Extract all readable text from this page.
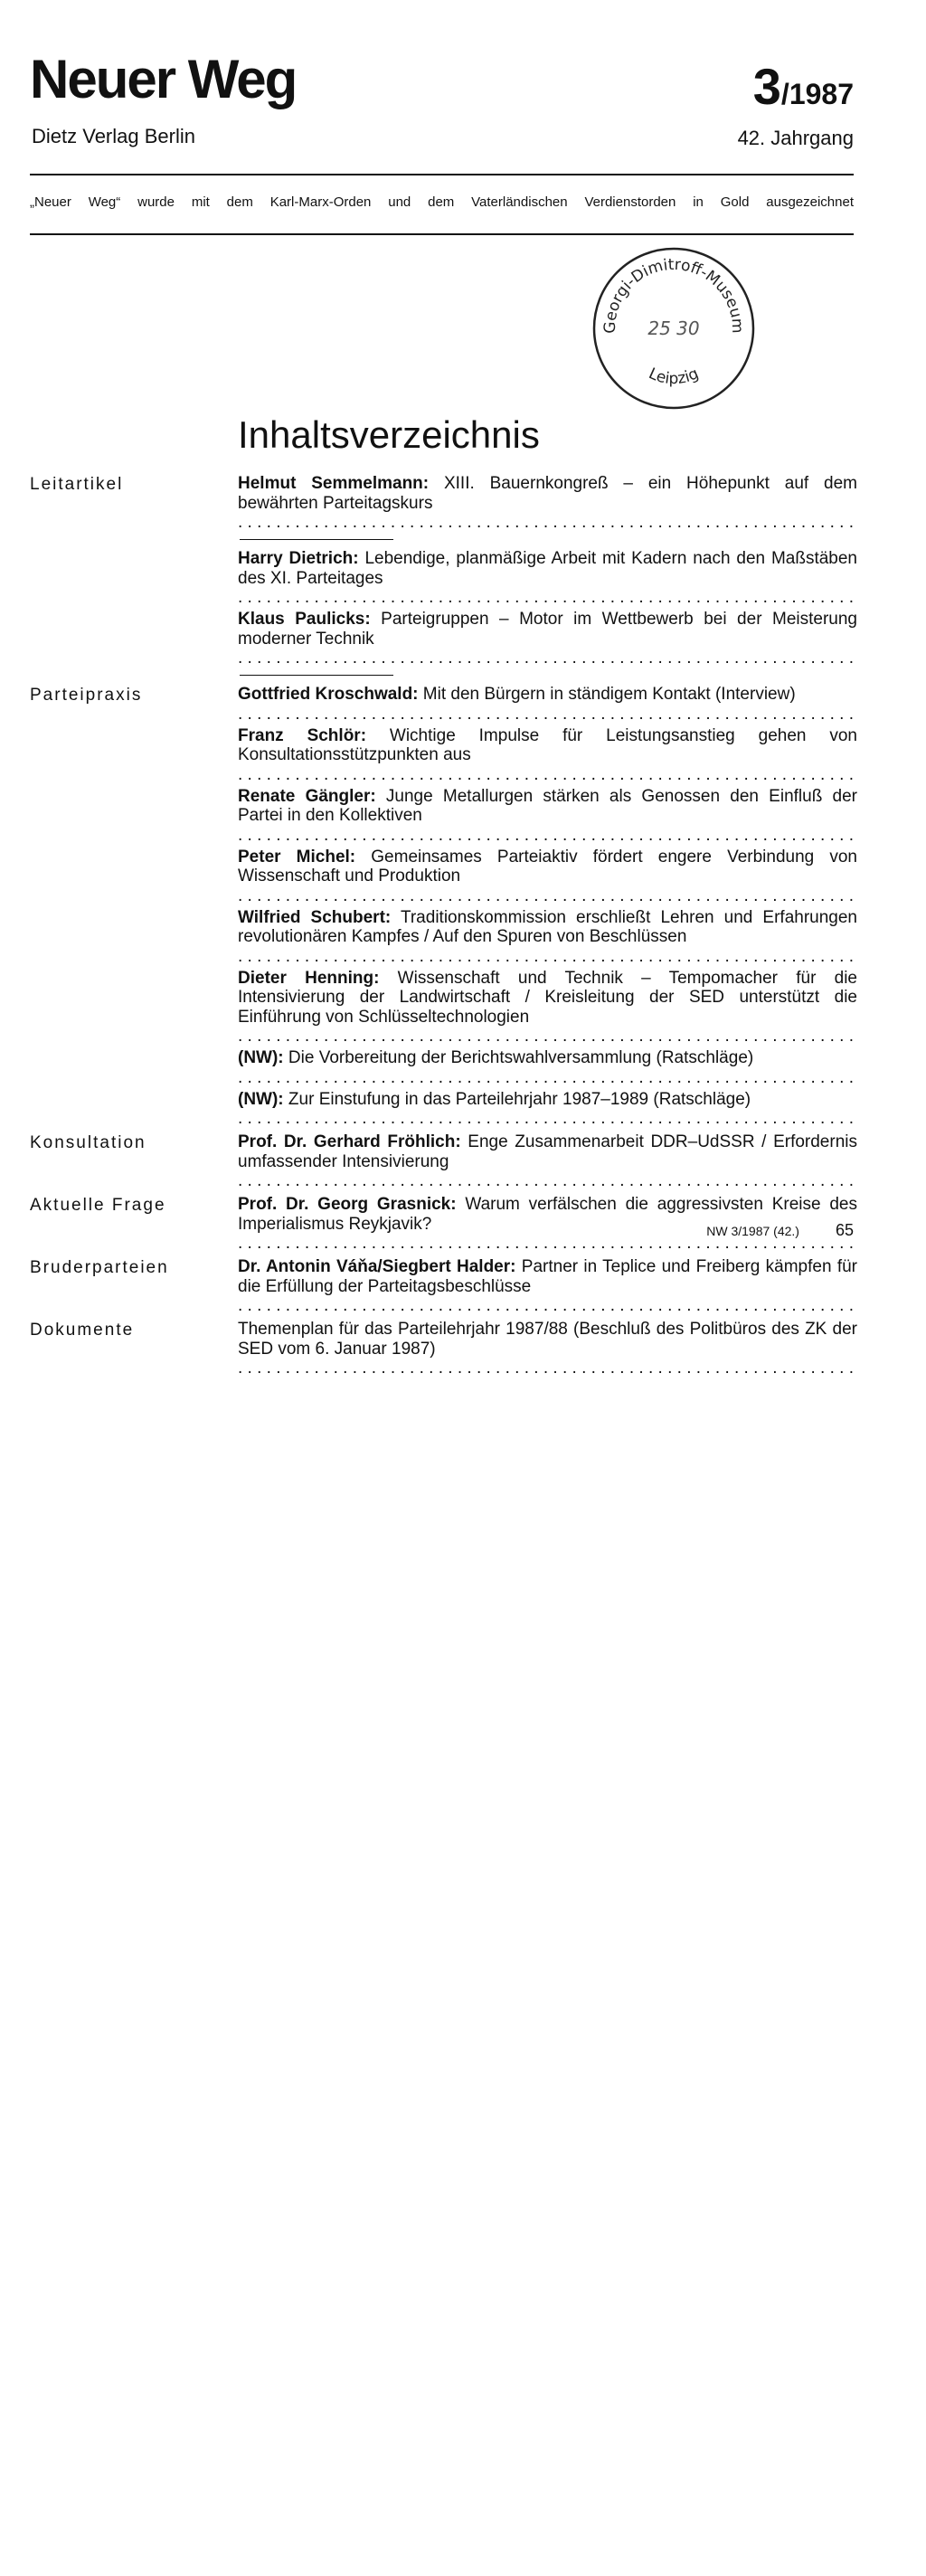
Neuer Weg
Dietz Verlag Berlin
3/1987
42. Jahrgang
„Neuer Weg“ wurde mit dem Karl-Marx-Orden und dem Vaterländischen Verdienstorden in Gold ausgezeichnet
Georgi-Dimitroff-Museum
25 30
Leipzig
Inhaltsverzeichnis
Leitartikel	Helmut Semmelmann: XIII. Bauernkongreß – ein Höhepunkt auf dem bewährten Parteitagskurs
. . .
Harry Dietrich: Lebendige, planmäßige Arbeit mit Kadern nach den Maßstäben des XI. Parteitages
. . .
Klaus Paulicks: Parteigruppen – Motor im Wettbewerb bei der Meisterung moderner Technik
. . .
Parteipraxis	Gottfried Kroschwald: Mit den Bürgern in ständigem Kontakt (Interview)
. . .
Franz Schlör: Wichtige Impulse für Leistungsanstieg gehen von Konsultationsstützpunkten aus
. . .
Renate Gängler: Junge Metallurgen stärken als Genossen den Einfluß der Partei in den Kollektiven
. . .
Peter Michel: Gemeinsames Parteiaktiv fördert engere Verbindung von Wissenschaft und Produktion
. . .
Wilfried Schubert: Traditionskommission erschließt Lehren und Erfahrungen revolutionären Kampfes / Auf den Spuren von Beschlüssen
. . .
Dieter Henning: Wissenschaft und Technik – Tempomacher für die Intensivierung der Landwirtschaft / Kreisleitung der SED unterstützt die Einführung von Schlüsseltechnologien
. . .
(NW): Die Vorbereitung der Berichtswahlversammlung (Ratschläge)
. . .
(NW): Zur Einstufung in das Parteilehrjahr 1987–1989 (Ratschläge)
. . .
Konsultation	Prof. Dr. Gerhard Fröhlich: Enge Zusammenarbeit DDR–UdSSR / Erfordernis umfassender Intensivierung
. . .
Aktuelle Frage	Prof. Dr. Georg Grasnick: Warum verfälschen die aggressivsten Kreise des Imperialismus Reykjavik?
. . .
Bruderparteien	Dr. Antonin Váňa/Siegbert Halder: Partner in Teplice und Freiberg kämpfen für die Erfüllung der Parteitagsbeschlüsse
. . .
Dokumente	Themenplan für das Parteilehrjahr 1987/88 (Beschluß des Politbüros des ZK der SED vom 6. Januar 1987)
. . .
NW 3/1987 (42.) 65
